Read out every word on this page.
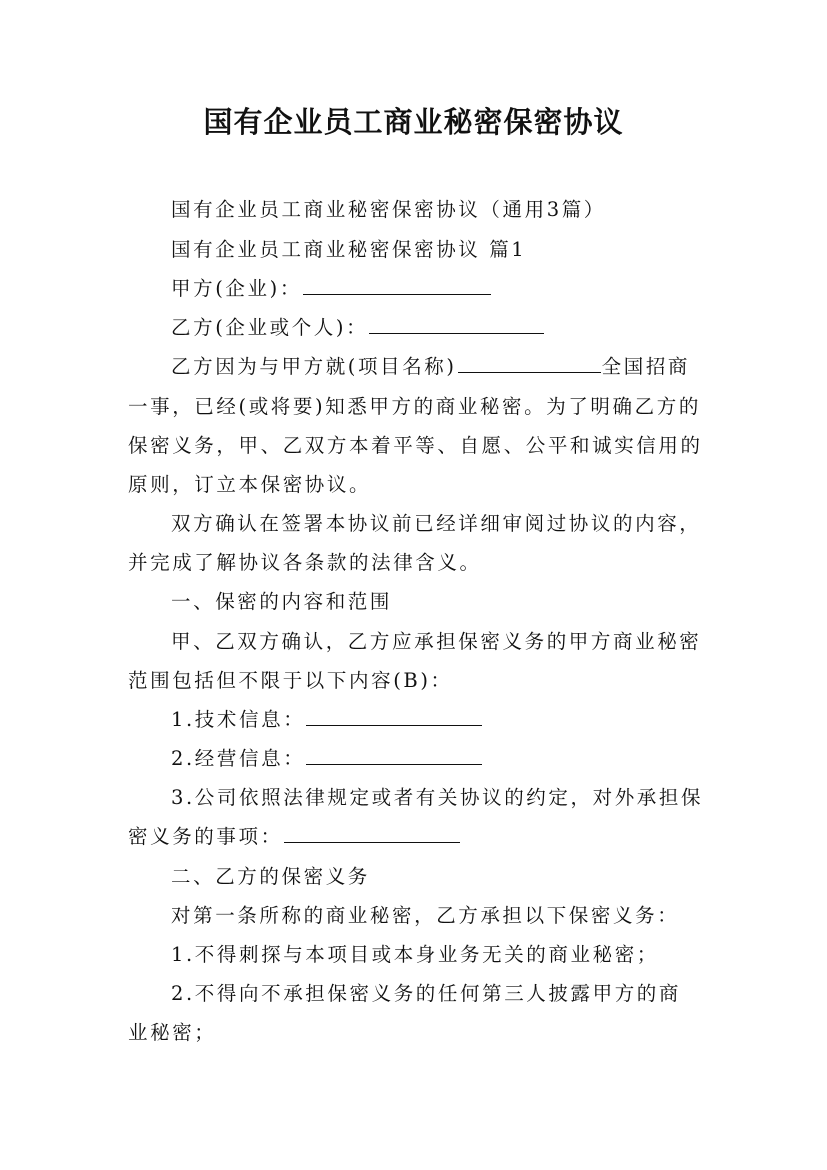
国有企业员工商业秘密保密协议
国有企业员工商业秘密保密协议（通用3篇）
国有企业员工商业秘密保密协议 篇1
甲方(企业)：
乙方(企业或个人)：
乙方因为与甲方就(项目名称)	全国招商
一事，已经(或将要)知悉甲方的商业秘密。为了明确乙方的
保密义务，甲、乙双方本着平等、自愿、公平和诚实信用的
原则，订立本保密协议。
双方确认在签署本协议前已经详细审阅过协议的内容，
并完成了解协议各条款的法律含义。
一、保密的内容和范围
甲、乙双方确认，乙方应承担保密义务的甲方商业秘密
范围包括但不限于以下内容(B)：
1.技术信息：
2.经营信息：
3.公司依照法律规定或者有关协议的约定，对外承担保
密义务的事项：
二、乙方的保密义务
对第一条所称的商业秘密，乙方承担以下保密义务：
1.不得刺探与本项目或本身业务无关的商业秘密；
2.不得向不承担保密义务的任何第三人披露甲方的商
业秘密；
